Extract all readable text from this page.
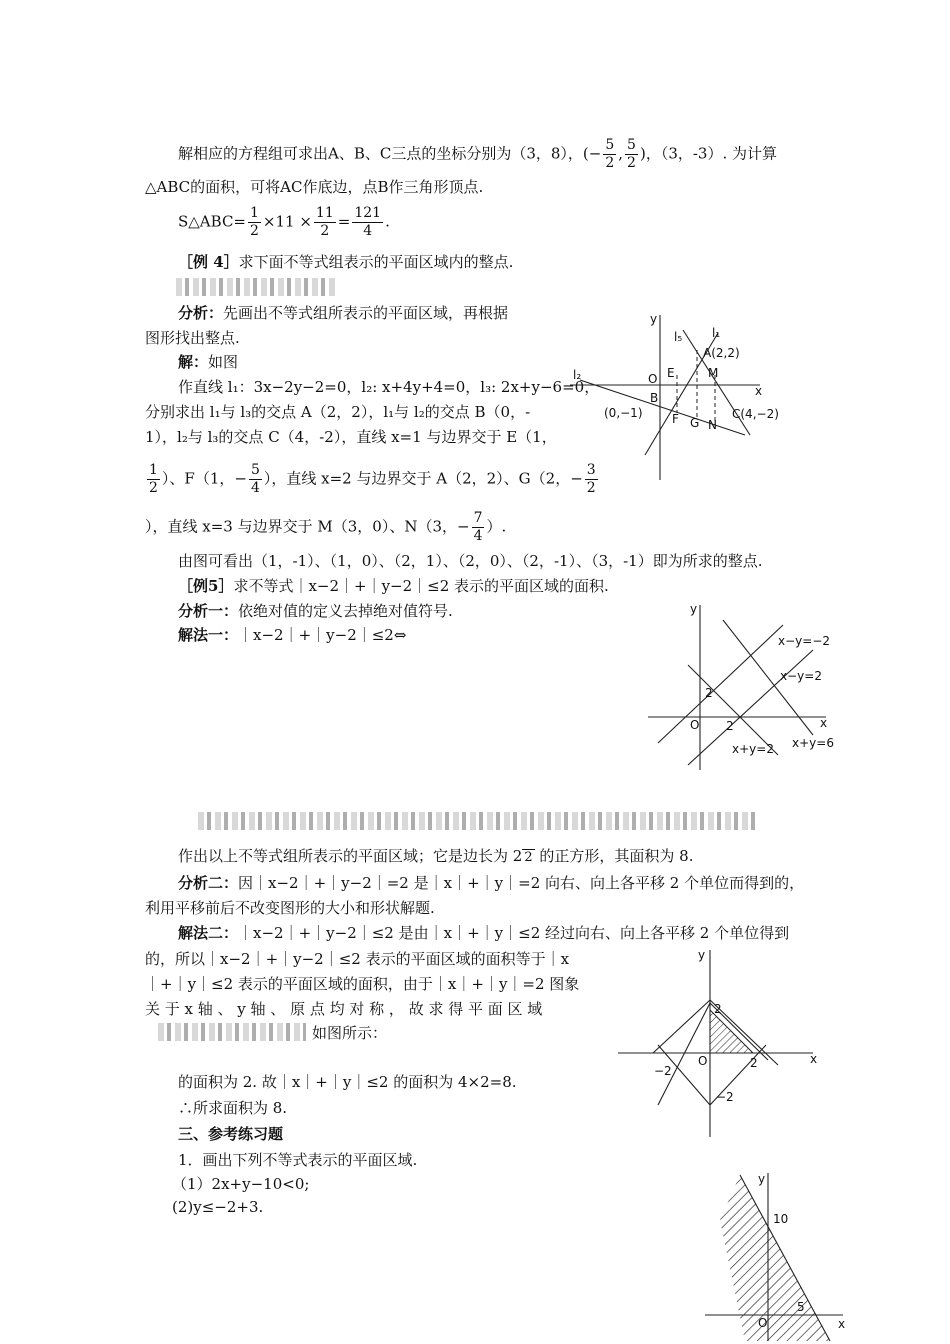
解相应的方程组可求出A、B、C三点的坐标分别为（3，8），(− $\frac{5}{2}$ , $\frac{5}{2}$ )，（3，-3）. 为计算
△ABC的面积，可将AC作底边，点B作三角形顶点.
S△ABC= $\frac{1}{2} \times 11 \times \frac{11}{2} = \frac{121}{4}$ .
［例 4］求下面不等式组表示的平面区域内的整点.
分析：先画出不等式组所表示的平面区域，再根据
图形找出整点.
解：如图
作直线 l₁：3x−2y−2=0，l₂: x+4y+4=0，l₃: 2x+y−6=0，
分别求出 l₁与 l₃的交点 A（2，2），l₁与 l₂的交点 B（0，-
1），l₂与 l₃的交点 C（4，-2），直线 x=1 与边界交于 E（1，
$\frac{1}{2}$ ）、F（1，− $\frac{5}{4}$ ），直线 x=2 与边界交于 A（2，2）、G（2，− $\frac{3}{2}$
），直线 x=3 与边界交于 M（3，0）、N（3，− $\frac{7}{4}$ ）.
由图可看出（1，-1）、（1，0）、（2，1）、（2，0）、（2，-1）、（3，-1）即为所求的整点.
［例5］求不等式｜x−2｜+｜y−2｜≤2 表示的平面区域的面积.
分析一：依绝对值的定义去掉绝对值符号.
解法一：｜x−2｜+｜y−2｜≤2⇔
作出以上不等式组所表示的平面区域；它是边长为 2 2 的正方形，其面积为 8.
分析二：因｜x−2｜+｜y−2｜=2 是｜x｜+｜y｜=2 向右、向上各平移 2 个单位而得到的，
利用平移前后不改变图形的大小和形状解题.
解法二：｜x−2｜+｜y−2｜≤2 是由｜x｜+｜y｜≤2 经过向右、向上各平移 2 个单位得到
的，所以｜x−2｜+｜y−2｜≤2 表示的平面区域的面积等于｜x
｜+｜y｜≤2 表示的平面区域的面积，由于｜x｜+｜y｜=2 图象
关 于 x 轴 、 y 轴 、 原 点 均 对 称 ， 故 求 得 平 面 区 域
如图所示：
的面积为 2. 故｜x｜+｜y｜≤2 的面积为 4×2=8.
∴所求面积为 8.
三、参考练习题
1．画出下列不等式表示的平面区域.
（1）2x+y−10<0;
(2)y≤−2+3.
y
x
l₅ l₁
l₂
A(2,2)
O E	M
B
(0,−1) F G N
C(4,−2)
y
x
x−y=−2
x−y=2
2
O 2
x+y=2 x+y=6
y
x
2
O	2
−2
−2
y
x
10
5
O
